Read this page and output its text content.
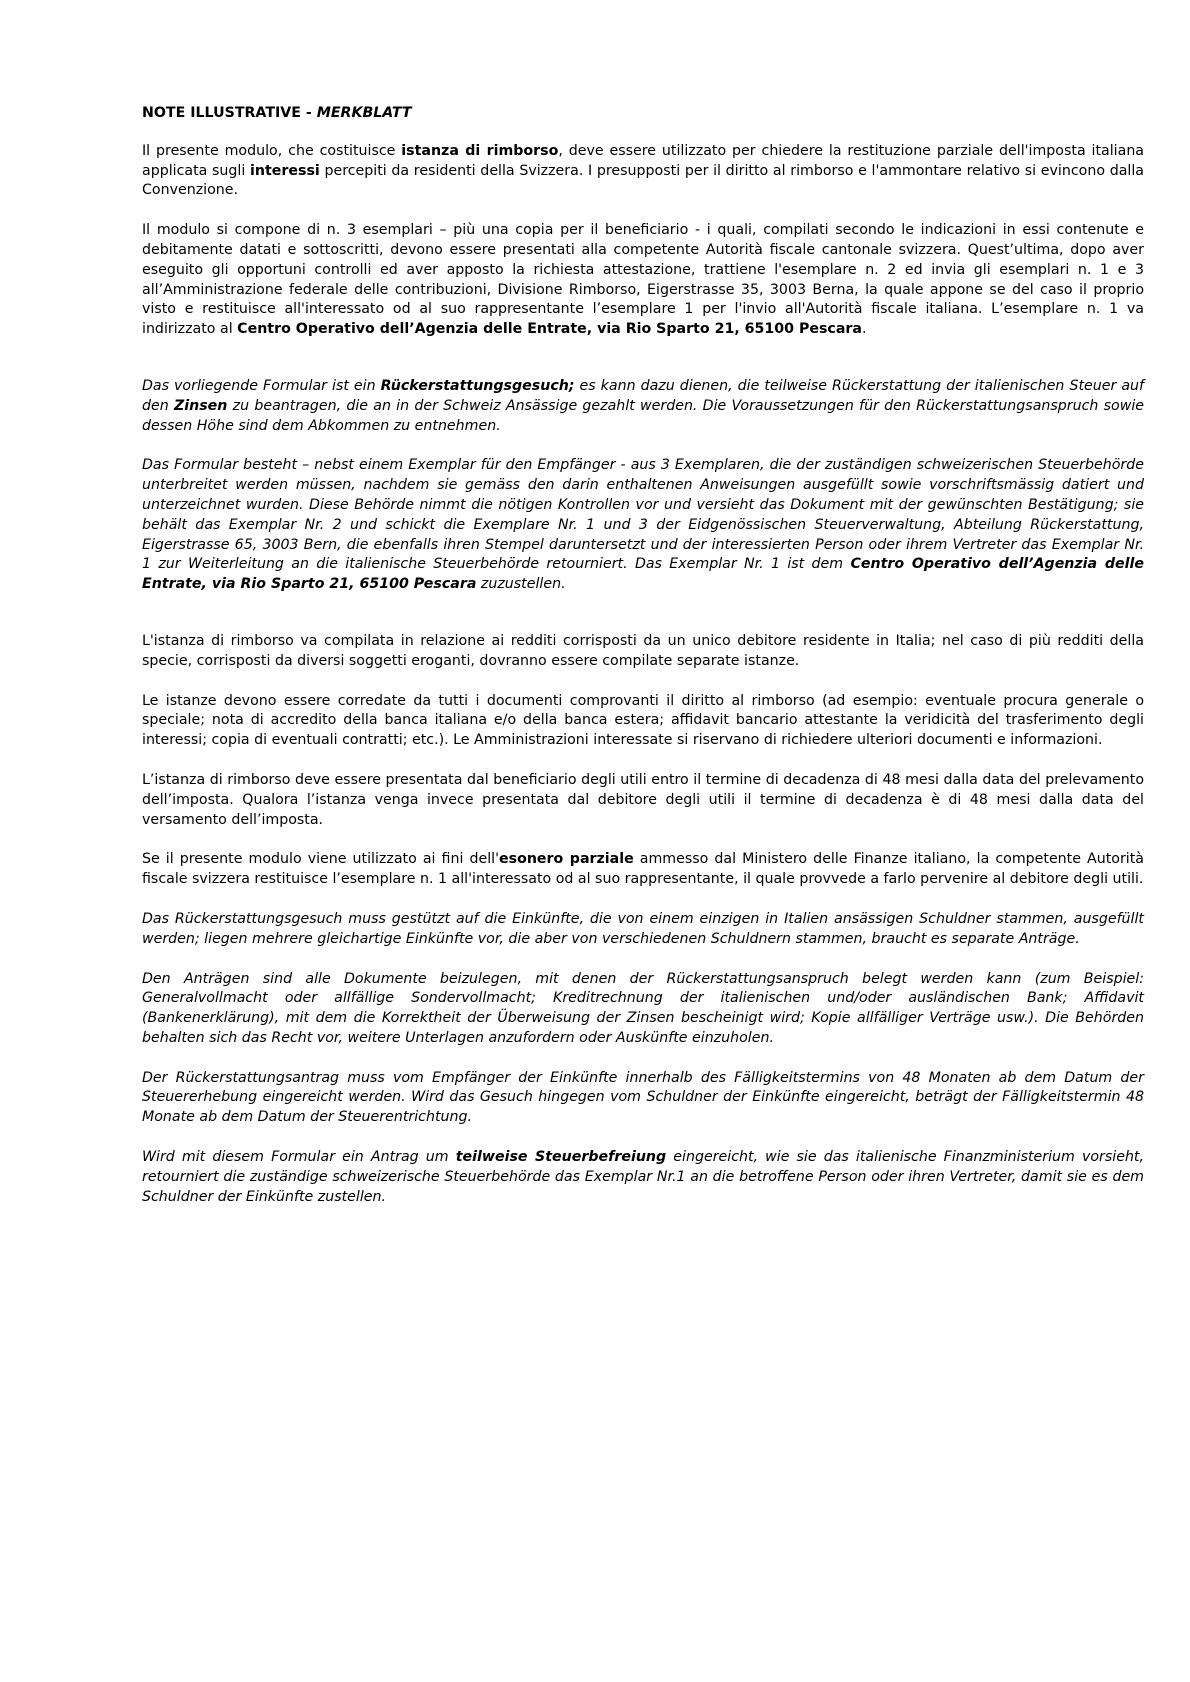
NOTE ILLUSTRATIVE - MERKBLATT

Il presente modulo, che costituisce istanza di rimborso, deve essere utilizzato per chiedere la restituzione parziale dell'imposta italiana applicata sugli interessi percepiti da residenti della Svizzera. I presupposti per il diritto al rimborso e l'ammontare relativo si evincono dalla Convenzione.

Il modulo si compone di n. 3 esemplari – più una copia per il beneficiario - i quali, compilati secondo le indicazioni in essi contenute e debitamente datati e sottoscritti, devono essere presentati alla competente Autorità fiscale cantonale svizzera. Quest’ultima, dopo aver eseguito gli opportuni controlli ed aver apposto la richiesta attestazione, trattiene l'esemplare n. 2 ed invia gli esemplari n. 1 e 3 all’Amministrazione federale delle contribuzioni, Divisione Rimborso, Eigerstrasse 35, 3003 Berna, la quale appone se del caso il proprio visto e restituisce all'interessato od al suo rappresentante l’esemplare 1 per l'invio all'Autorità fiscale italiana. L’esemplare n. 1 va indirizzato al Centro Operativo dell’Agenzia delle Entrate, via Rio Sparto 21, 65100 Pescara.

Das vorliegende Formular ist ein Rückerstattungsgesuch; es kann dazu dienen, die teilweise Rückerstattung der italienischen Steuer auf den Zinsen zu beantragen, die an in der Schweiz Ansässige gezahlt werden. Die Voraussetzungen für den Rückerstattungsanspruch sowie dessen Höhe sind dem Abkommen zu entnehmen.

Das Formular besteht – nebst einem Exemplar für den Empfänger - aus 3 Exemplaren, die der zuständigen schweizerischen Steuerbehörde unterbreitet werden müssen, nachdem sie gemäss den darin enthaltenen Anweisungen ausgefüllt sowie vorschriftsmässig datiert und unterzeichnet wurden. Diese Behörde nimmt die nötigen Kontrollen vor und versieht das Dokument mit der gewünschten Bestätigung; sie behält das Exemplar Nr. 2 und schickt die Exemplare Nr. 1 und 3 der Eidgenössischen Steuerverwaltung, Abteilung Rückerstattung, Eigerstrasse 65, 3003 Bern, die ebenfalls ihren Stempel daruntersetzt und der interessierten Person oder ihrem Vertreter das Exemplar Nr. 1 zur Weiterleitung an die italienische Steuerbehörde retourniert. Das Exemplar Nr. 1 ist dem Centro Operativo dell’Agenzia delle Entrate, via Rio Sparto 21, 65100 Pescara zuzustellen.

L'istanza di rimborso va compilata in relazione ai redditi corrisposti da un unico debitore residente in Italia; nel caso di più redditi della specie, corrisposti da diversi soggetti eroganti, dovranno essere compilate separate istanze.

Le istanze devono essere corredate da tutti i documenti comprovanti il diritto al rimborso (ad esempio: eventuale procura generale o speciale; nota di accredito della banca italiana e/o della banca estera; affidavit bancario attestante la veridicità del trasferimento degli interessi; copia di eventuali contratti; etc.). Le Amministrazioni interessate si riservano di richiedere ulteriori documenti e informazioni.

L’istanza di rimborso deve essere presentata dal beneficiario degli utili entro il termine di decadenza di 48 mesi dalla data del prelevamento dell’imposta. Qualora l’istanza venga invece presentata dal debitore degli utili il termine di decadenza è di 48 mesi dalla data del versamento dell’imposta.

Se il presente modulo viene utilizzato ai fini dell'esonero parziale ammesso dal Ministero delle Finanze italiano, la competente Autorità fiscale svizzera restituisce l’esemplare n. 1 all'interessato od al suo rappresentante, il quale provvede a farlo pervenire al debitore degli utili.

Das Rückerstattungsgesuch muss gestützt auf die Einkünfte, die von einem einzigen in Italien ansässigen Schuldner stammen, ausgefüllt werden; liegen mehrere gleichartige Einkünfte vor, die aber von verschiedenen Schuldnern stammen, braucht es separate Anträge.

Den Anträgen sind alle Dokumente beizulegen, mit denen der Rückerstattungsanspruch belegt werden kann (zum Beispiel: Generalvollmacht oder allfällige Sondervollmacht; Kreditrechnung der italienischen und/oder ausländischen Bank; Affidavit (Bankenerklärung), mit dem die Korrektheit der Überweisung der Zinsen bescheinigt wird; Kopie allfälliger Verträge usw.). Die Behörden behalten sich das Recht vor, weitere Unterlagen anzufordern oder Auskünfte einzuholen.

Der Rückerstattungsantrag muss vom Empfänger der Einkünfte innerhalb des Fälligkeitstermins von 48 Monaten ab dem Datum der Steuererhebung eingereicht werden. Wird das Gesuch hingegen vom Schuldner der Einkünfte eingereicht, beträgt der Fälligkeitstermin 48 Monate ab dem Datum der Steuerentrichtung.

Wird mit diesem Formular ein Antrag um teilweise Steuerbefreiung eingereicht, wie sie das italienische Finanzministerium vorsieht, retourniert die zuständige schweizerische Steuerbehörde das Exemplar Nr.1 an die betroffene Person oder ihren Vertreter, damit sie es dem Schuldner der Einkünfte zustellen.
